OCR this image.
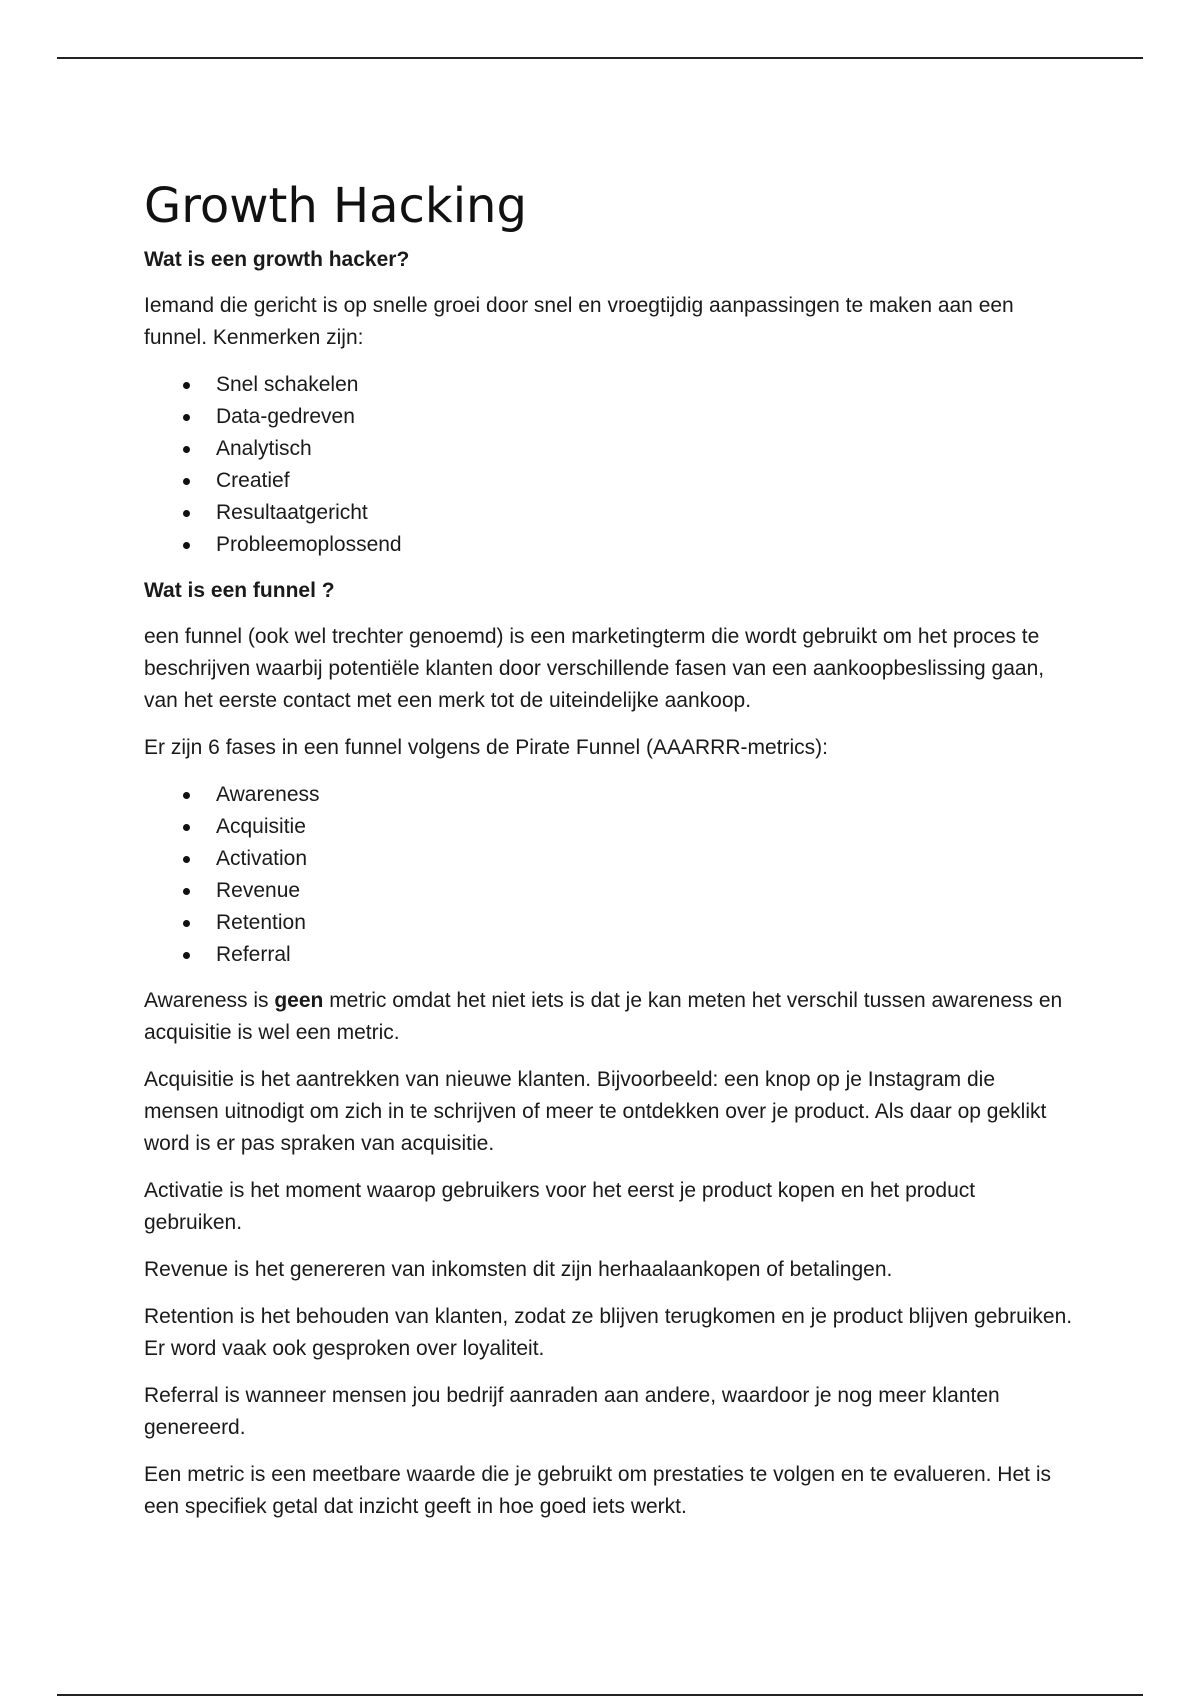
Growth Hacking
Wat is een growth hacker?

Iemand die gericht is op snelle groei door snel en vroegtijdig aanpassingen te maken aan een funnel. Kenmerken zijn:

Snel schakelen
Data-gedreven
Analytisch
Creatief
Resultaatgericht
Probleemoplossend
Wat is een funnel ?

een funnel (ook wel trechter genoemd) is een marketingterm die wordt gebruikt om het proces te beschrijven waarbij potentiële klanten door verschillende fasen van een aankoopbeslissing gaan, van het eerste contact met een merk tot de uiteindelijke aankoop.

Er zijn 6 fases in een funnel volgens de Pirate Funnel (AAARRR-metrics):

Awareness
Acquisitie
Activation
Revenue
Retention
Referral

Awareness is geen metric omdat het niet iets is dat je kan meten het verschil tussen awareness en acquisitie is wel een metric.

Acquisitie is het aantrekken van nieuwe klanten. Bijvoorbeeld: een knop op je Instagram die mensen uitnodigt om zich in te schrijven of meer te ontdekken over je product. Als daar op geklikt word is er pas spraken van acquisitie.

Activatie is het moment waarop gebruikers voor het eerst je product kopen en het product gebruiken.

Revenue is het genereren van inkomsten dit zijn herhaalaankopen of betalingen.

Retention is het behouden van klanten, zodat ze blijven terugkomen en je product blijven gebruiken. Er word vaak ook gesproken over loyaliteit.

Referral is wanneer mensen jou bedrijf aanraden aan andere, waardoor je nog meer klanten genereerd.

Een metric is een meetbare waarde die je gebruikt om prestaties te volgen en te evalueren. Het is een specifiek getal dat inzicht geeft in hoe goed iets werkt.
